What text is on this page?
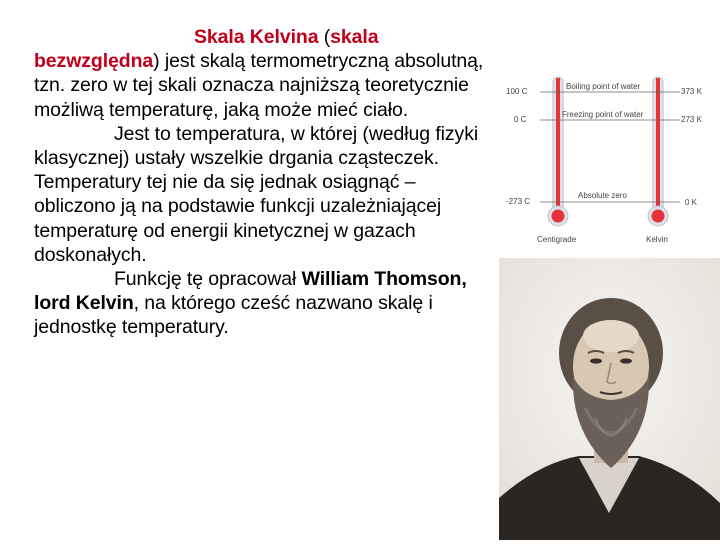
Skala Kelvina (skala bezwzględna) jest skalą termometryczną absolutną, tzn. zero w tej skali oznacza najniższą teoretycznie możliwą temperaturę, jaką może mieć ciało.

Jest to temperatura, w której (według fizyki klasycznej) ustały wszelkie drgania cząsteczek. Temperatury tej nie da się jednak osiągnąć – obliczono ją na podstawie funkcji uzależniającej temperaturę od energii kinetycznej w gazach doskonałych.

Funkcję tę opracował William Thomson, lord Kelvin, na którego cześć nazwano skalę i jednostkę temperatury.

Boiling point of water
Freezing point of water
Absolute zero
100 C
0 C
-273 C
373 K
273 K
0 K
Centigrade	Kelvin
